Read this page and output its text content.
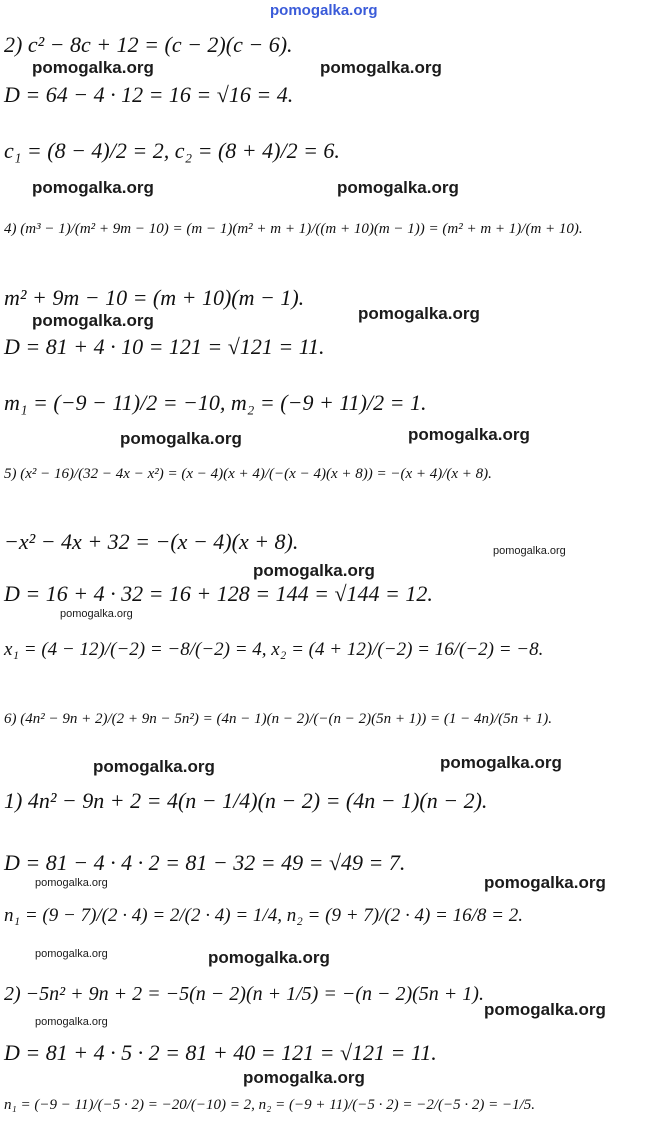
pomogalka.org
2) c² − 8c + 12 = (c − 2)(c − 6).
pomogalka.org	pomogalka.org
D = 64 − 4 · 12 = 16 = √16 = 4.
c₁ = (8 − 4)/2 = 2, c₂ = (8 + 4)/2 = 6.
pomogalka.org	pomogalka.org
4) (m³ − 1)/(m² + 9m − 10) = (m − 1)(m² + m + 1)/((m + 10)(m − 1)) = (m² + m + 1)/(m + 10).
m² + 9m − 10 = (m + 10)(m − 1).
pomogalka.org	pomogalka.org
D = 81 + 4 · 10 = 121 = √121 = 11.
m₁ = (−9 − 11)/2 = −10, m₂ = (−9 + 11)/2 = 1.
pomogalka.org	pomogalka.org
5) (x² − 16)/(32 − 4x − x²) = (x − 4)(x + 4)/(−(x − 4)(x + 8)) = −(x + 4)/(x + 8).
−x² − 4x + 32 = −(x − 4)(x + 8).	pomogalka.org
pomogalka.org
D = 16 + 4 · 32 = 16 + 128 = 144 = √144 = 12.
pomogalka.org
x₁ = (4 − 12)/(−2) = −8/(−2) = 4, x₂ = (4 + 12)/(−2) = 16/(−2) = −8.
6) (4n² − 9n + 2)/(2 + 9n − 5n²) = (4n − 1)(n − 2)/(−(n − 2)(5n + 1)) = (1 − 4n)/(5n + 1).
pomogalka.org	pomogalka.org
1) 4n² − 9n + 2 = 4(n − 1/4)(n − 2) = (4n − 1)(n − 2).
D = 81 − 4 · 4 · 2 = 81 − 32 = 49 = √49 = 7.
pomogalka.org	pomogalka.org
n₁ = (9 − 7)/(2 · 4) = 2/(2 · 4) = 1/4, n₂ = (9 + 7)/(2 · 4) = 16/8 = 2.
pomogalka.org	pomogalka.org
2) −5n² + 9n + 2 = −5(n − 2)(n + 1/5) = −(n − 2)(5n + 1).
pomogalka.org
pomogalka.org
D = 81 + 4 · 5 · 2 = 81 + 40 = 121 = √121 = 11.
pomogalka.org
n₁ = (−9 − 11)/(−5 · 2) = −20/(−10) = 2, n₂ = (−9 + 11)/(−5 · 2) = −2/(−5 · 2) = −1/5.
